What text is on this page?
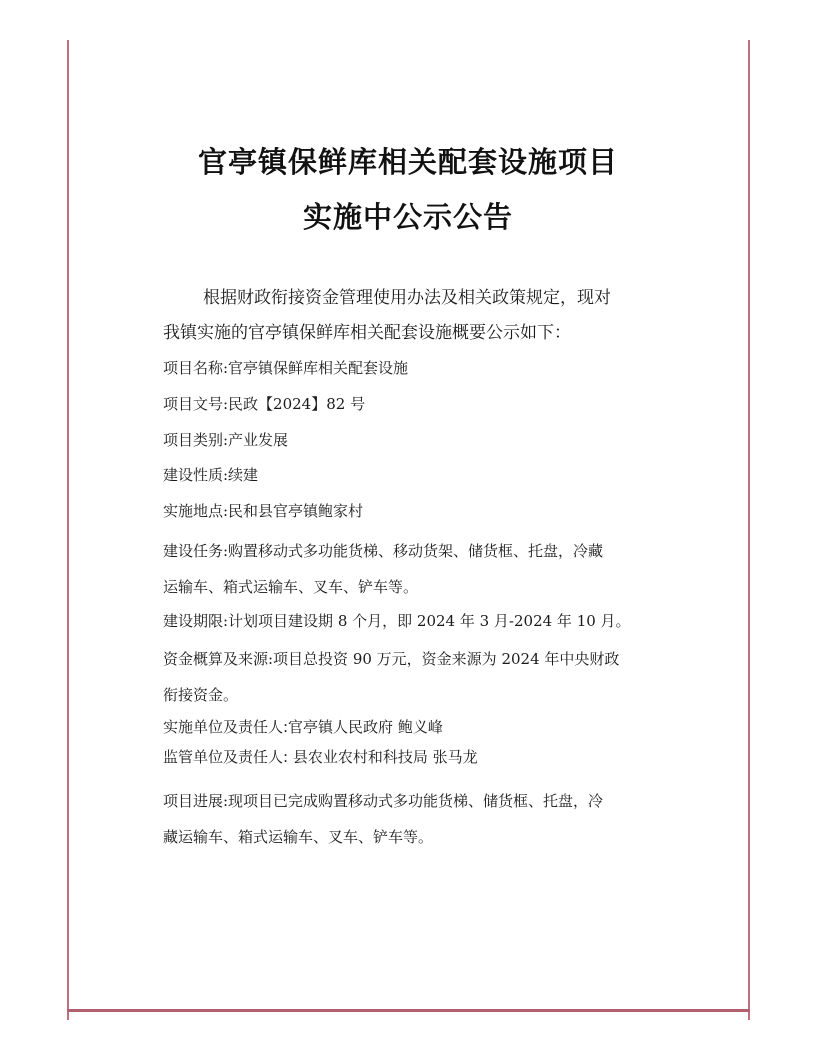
官亭镇保鲜库相关配套设施项目
实施中公示公告
根据财政衔接资金管理使用办法及相关政策规定，现对
我镇实施的官亭镇保鲜库相关配套设施概要公示如下：
项目名称:官亭镇保鲜库相关配套设施
项目文号:民政【2024】82 号
项目类别:产业发展
建设性质:续建
实施地点:民和县官亭镇鲍家村
建设任务:购置移动式多功能货梯、移动货架、储货框、托盘，冷藏
运输车、箱式运输车、叉车、铲车等。
建设期限:计划项目建设期 8 个月，即 2024 年 3 月-2024 年 10 月。
资金概算及来源:项目总投资 90 万元，资金来源为 2024 年中央财政
衔接资金。
实施单位及责任人:官亭镇人民政府 鲍义峰
监管单位及责任人: 县农业农村和科技局 张马龙
项目进展:现项目已完成购置移动式多功能货梯、储货框、托盘，冷
藏运输车、箱式运输车、叉车、铲车等。
